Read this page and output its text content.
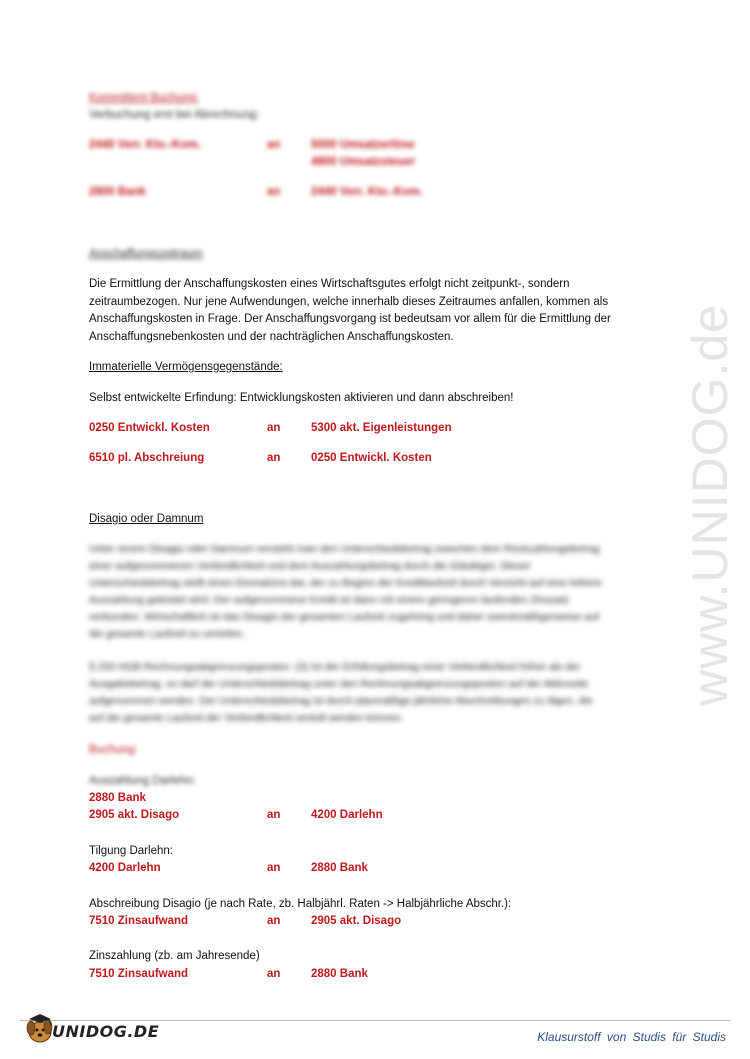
www.UNIDOG.de
Kommittent Buchung:
Verbuchung erst bei Abrechnung:
2440 Verr. Kto.-Kom.	an	5000 Umsatzerlöse
4800 Umsatzsteuer
2800 Bank	an	2440 Verr. Kto.-Kom.
Anschaffungszeitraum
Die Ermittlung der Anschaffungskosten eines Wirtschaftsgutes erfolgt nicht zeitpunkt-, sondern
zeitraumbezogen. Nur jene Aufwendungen, welche innerhalb dieses Zeitraumes anfallen, kommen als
Anschaffungskosten in Frage. Der Anschaffungsvorgang ist bedeutsam vor allem für die Ermittlung der
Anschaffungsnebenkosten und der nachträglichen Anschaffungskosten.
Immaterielle Vermögensgegenstände:
Selbst entwickelte Erfindung: Entwicklungskosten aktivieren und dann abschreiben!
0250 Entwickl. Kosten	an	5300 akt. Eigenleistungen
6510 pl. Abschreiung	an	0250 Entwickl. Kosten
Disagio oder Damnum
Unter einem Disagio oder Damnum versteht man den Unterschiedsbetrag zwischen dem Rückzahlungsbetrag
einer aufgenommenen Verbindlichkeit und dem Auszahlungsbetrag durch die Gläubiger. Dieser
Unterschiedsbetrag stellt einen Einmalzins dar, der zu Beginn der Kreditlaufzeit durch Verzicht auf eine höhere
Auszahlung geleistet wird. Der aufgenommene Kredit ist dann mit einem geringeren laufenden Zinssatz
verbunden. Wirtschaftlich ist das Disagio der gesamten Laufzeit zugehörig und daher zweckmäßigerweise auf
die gesamte Laufzeit zu verteilen.
§ 250 HGB Rechnungsabgrenzungsposten: (3) Ist der Erfüllungsbetrag einer Verbindlichkeit höher als der
Ausgabebetrag, so darf der Unterschiedsbetrag unter den Rechnungsabgrenzungsposten auf der Aktivseite
aufgenommen werden. Der Unterschiedsbetrag ist durch planmäßige jährliche Abschreibungen zu tilgen, die
auf die gesamte Laufzeit der Verbindlichkeit verteilt werden können.
Buchung:
Auszahlung Darlehn:
2880 Bank
2905 akt. Disago	an	4200 Darlehn
Tilgung Darlehn:
4200 Darlehn	an	2880 Bank
Abschreibung Disagio (je nach Rate, zb. Halbjährl. Raten -> Halbjährliche Abschr.):
7510 Zinsaufwand	an	2905 akt. Disago
Zinszahlung (zb. am Jahresende)
7510 Zinsaufwand	an	2880 Bank
UNIDOG.DE	Klausurstoff von Studis für Studis
